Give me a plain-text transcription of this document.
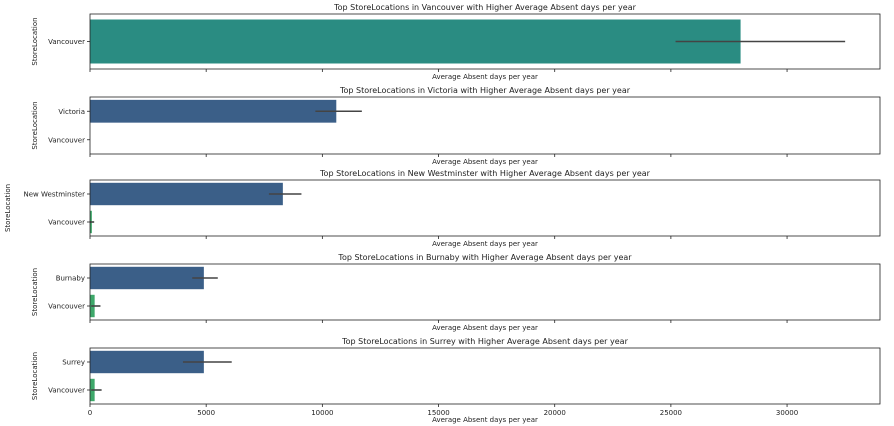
Top StoreLocations in Vancouver with Higher Average Absent days per year
Vancouver
Average Absent days per year
StoreLocation
Top StoreLocations in Victoria with Higher Average Absent days per year
Victoria
Vancouver
Average Absent days per year
StoreLocation
Top StoreLocations in New Westminster with Higher Average Absent days per year
New Westminster
Vancouver
Average Absent days per year
StoreLocation
Top StoreLocations in Burnaby with Higher Average Absent days per year
Burnaby
Vancouver
Average Absent days per year
StoreLocation
Top StoreLocations in Surrey with Higher Average Absent days per year
Surrey
Vancouver
0	5000	10000	15000	20000	25000	30000
Average Absent days per year
StoreLocation
